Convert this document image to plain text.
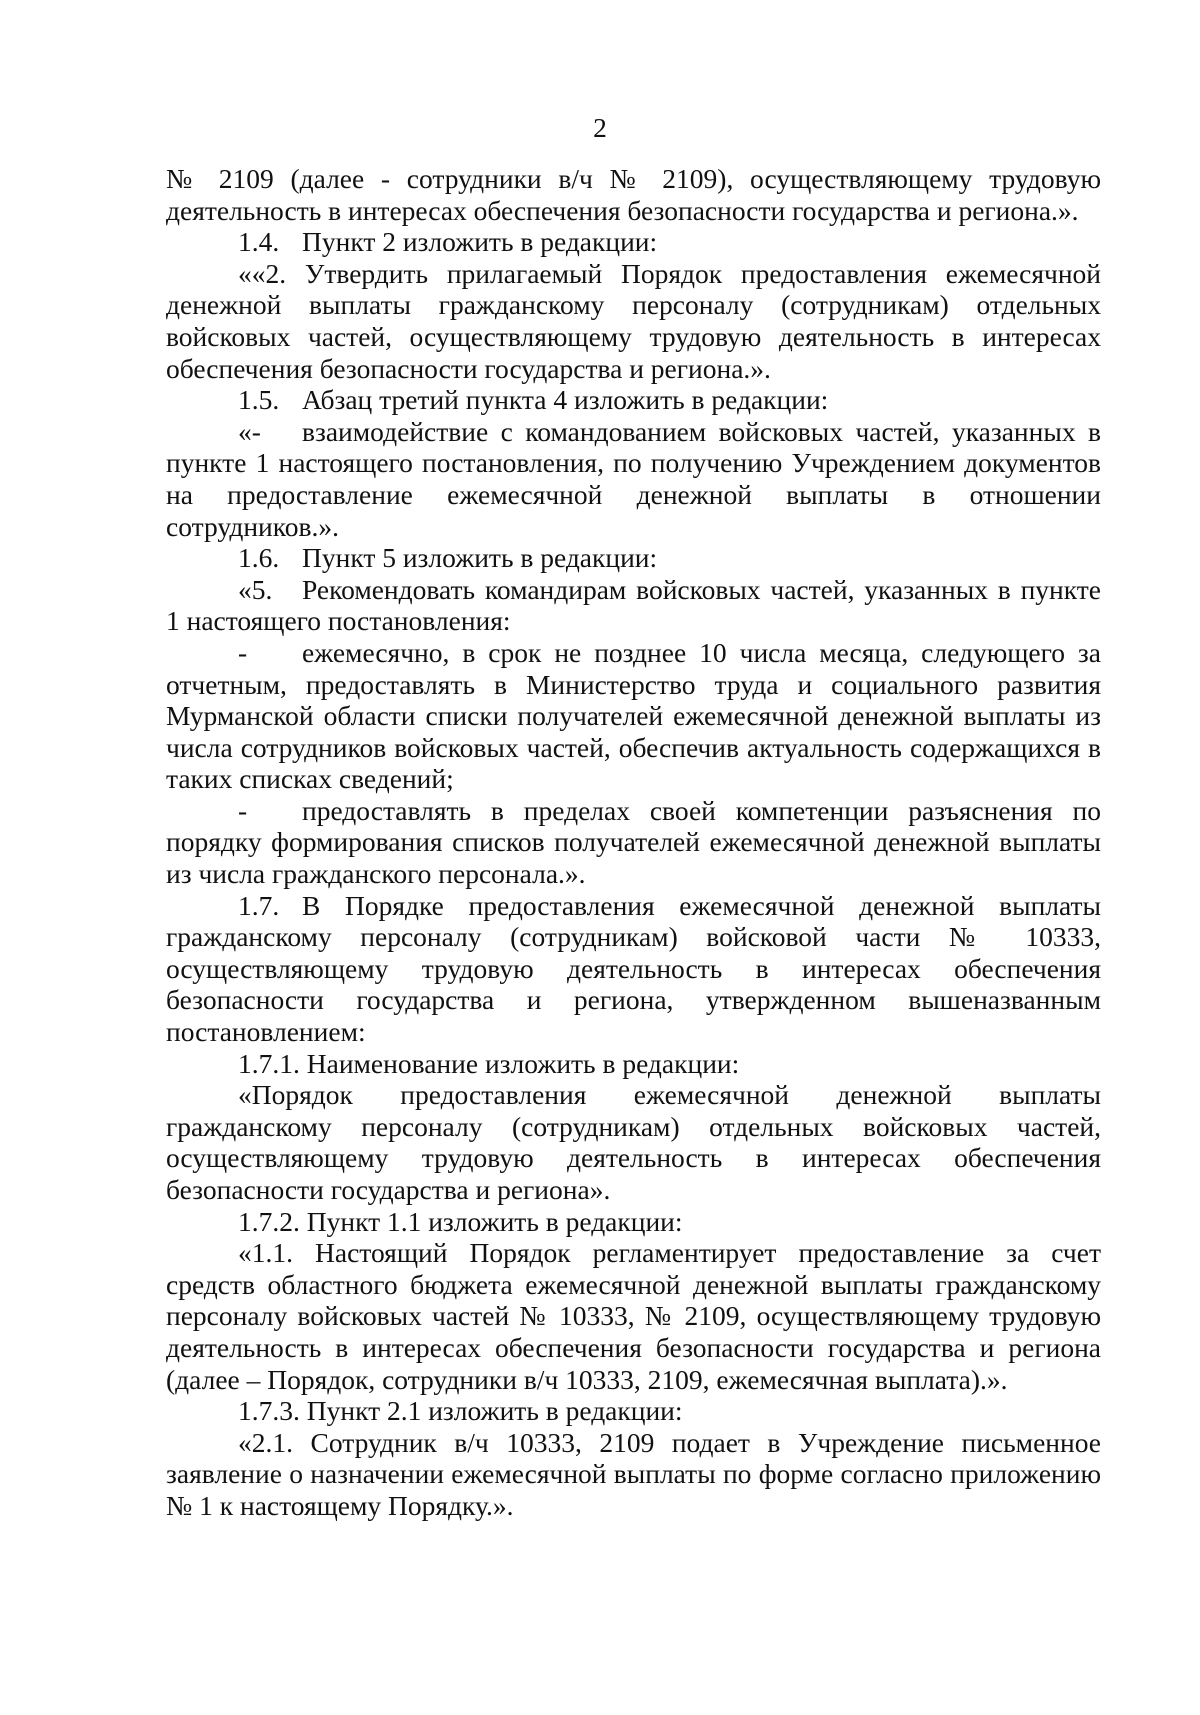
2

№ 2109 (далее - сотрудники в/ч № 2109), осуществляющему трудовую деятельность в интересах обеспечения безопасности государства и региона.».

1.4. Пункт 2 изложить в редакции:

««2. Утвердить прилагаемый Порядок предоставления ежемесячной денежной выплаты гражданскому персоналу (сотрудникам) отдельных войсковых частей, осуществляющему трудовую деятельность в интересах обеспечения безопасности государства и региона.».

1.5. Абзац третий пункта 4 изложить в редакции:

«- взаимодействие с командованием войсковых частей, указанных в пункте 1 настоящего постановления, по получению Учреждением документов на предоставление ежемесячной денежной выплаты в отношении сотрудников.».

1.6. Пункт 5 изложить в редакции:

«5. Рекомендовать командирам войсковых частей, указанных в пункте 1 настоящего постановления:

- ежемесячно, в срок не позднее 10 числа месяца, следующего за отчетным, предоставлять в Министерство труда и социального развития Мурманской области списки получателей ежемесячной денежной выплаты из числа сотрудников войсковых частей, обеспечив актуальность содержащихся в таких списках сведений;

- предоставлять в пределах своей компетенции разъяснения по порядку формирования списков получателей ежемесячной денежной выплаты из числа гражданского персонала.».

1.7. В Порядке предоставления ежемесячной денежной выплаты гражданскому персоналу (сотрудникам) войсковой части № 10333, осуществляющему трудовую деятельность в интересах обеспечения безопасности государства и региона, утвержденном вышеназванным постановлением:

1.7.1. Наименование изложить в редакции:

«Порядок предоставления ежемесячной денежной выплаты гражданскому персоналу (сотрудникам) отдельных войсковых частей, осуществляющему трудовую деятельность в интересах обеспечения безопасности государства и региона».

1.7.2. Пункт 1.1 изложить в редакции:

«1.1. Настоящий Порядок регламентирует предоставление за счет средств областного бюджета ежемесячной денежной выплаты гражданскому персоналу войсковых частей № 10333, № 2109, осуществляющему трудовую деятельность в интересах обеспечения безопасности государства и региона (далее – Порядок, сотрудники в/ч 10333, 2109, ежемесячная выплата).».

1.7.3. Пункт 2.1 изложить в редакции:

«2.1. Сотрудник в/ч 10333, 2109 подает в Учреждение письменное заявление о назначении ежемесячной выплаты по форме согласно приложению № 1 к настоящему Порядку.».
